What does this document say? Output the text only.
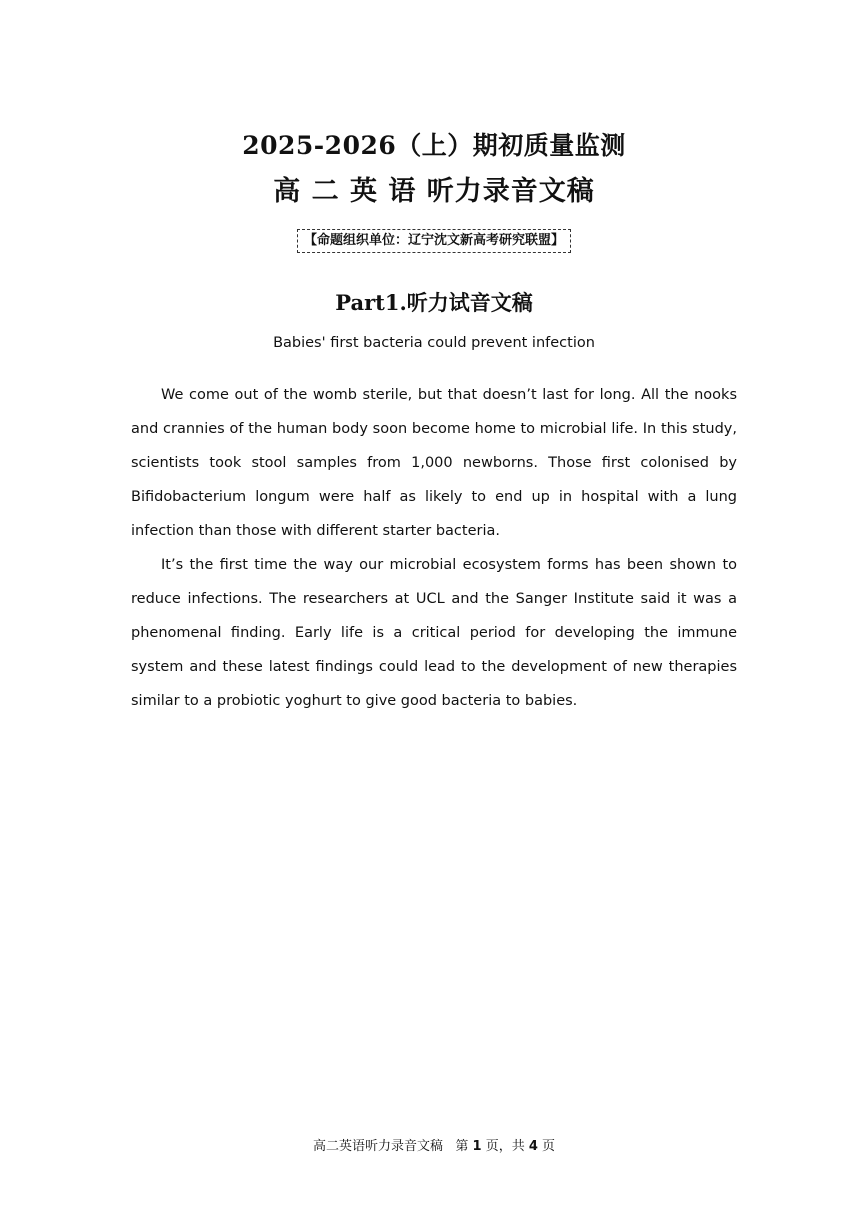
2025-2026（上）期初质量监测
高 二 英 语 听力录音文稿
【命题组织单位：辽宁沈文新高考研究联盟】
Part1.听力试音文稿
Babies' first bacteria could prevent infection

We come out of the womb sterile, but that doesn’t last for long. All the nooks and crannies of the human body soon become home to microbial life. In this study, scientists took stool samples from 1,000 newborns. Those first colonised by Bifidobacterium longum were half as likely to end up in hospital with a lung infection than those with different starter bacteria.

It’s the first time the way our microbial ecosystem forms has been shown to reduce infections. The researchers at UCL and the Sanger Institute said it was a phenomenal finding. Early life is a critical period for developing the immune system and these latest findings could lead to the development of new therapies similar to a probiotic yoghurt to give good bacteria to babies.

高二英语听力录音文稿 第 1 页，共 4 页
